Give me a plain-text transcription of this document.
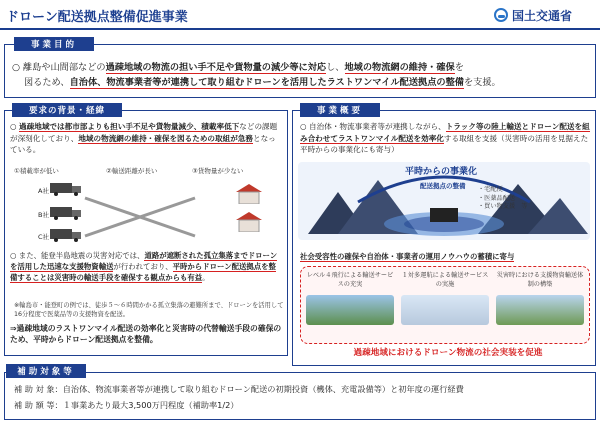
ドローン配送拠点整備促進事業	国土交通省
事業目的
○ 離島や山間部などの過疎地域の物流の担い手不足や貨物量の減少等に対応し、地域の物流網の維持・確保を
図るため、自治体、物流事業者等が連携して取り組むドローンを活用したラストワンマイル配送拠点の整備を支援。
要求の背景・経緯
○ 過疎地域では都市部よりも担い手不足や貨物量減少、積載率低下などの課題が深刻化しており、地域の物流網の維持・確保を図るための取組が急務となっている。
①積載率が低い	②輸送距離が長い	③貨物量が少ない
A社
B社
C社
○ また、能登半島地震の災害対応では、道路が遮断された孤立集落までドローンを活用した迅速な支援物資輸送が行われており、平時からドローン配送拠点を整備することは災害時の輸送手段を確保する観点からも有益。
※輪島市・能登町の例では、徒歩５～６時間かかる孤立集落の避難所まで、ドローンを活用して16分程度で医薬品等の支援物資を配送。
⇒過疎地域のラストワンマイル配送の効率化と災害時の代替輸送手段の確保のため、平時からドローン配送拠点を整備。
事業概要
○ 自治体・物流事業者等が連携しながら、トラック等の陸上輸送とドローン配送を組み合わせてラストワンマイル配送を効率化する取組を支援（災害時の活用を見据えた平時からの事業化にも寄与）
平時からの事業化
配送拠点の整備 ・宅配便
・医薬品配送
・買い物支援　等
社会受容性の確保や自治体・事業者の運用ノウハウの蓄積に寄与
レベル４飛行による輸送サービスの充実
１対多運航による輸送サービスの実施
災害時における支援物資輸送体制の構築
過疎地域におけるドローン物流の社会実装を促進
補助対象等
補 助 対 象：自治体、物流事業者等が連携して取り組むドローン配送の初期投資（機体、充電設備等）と初年度の運行経費
補 助 額 等：１事業あたり最大3,500万円程度（補助率1/2）
